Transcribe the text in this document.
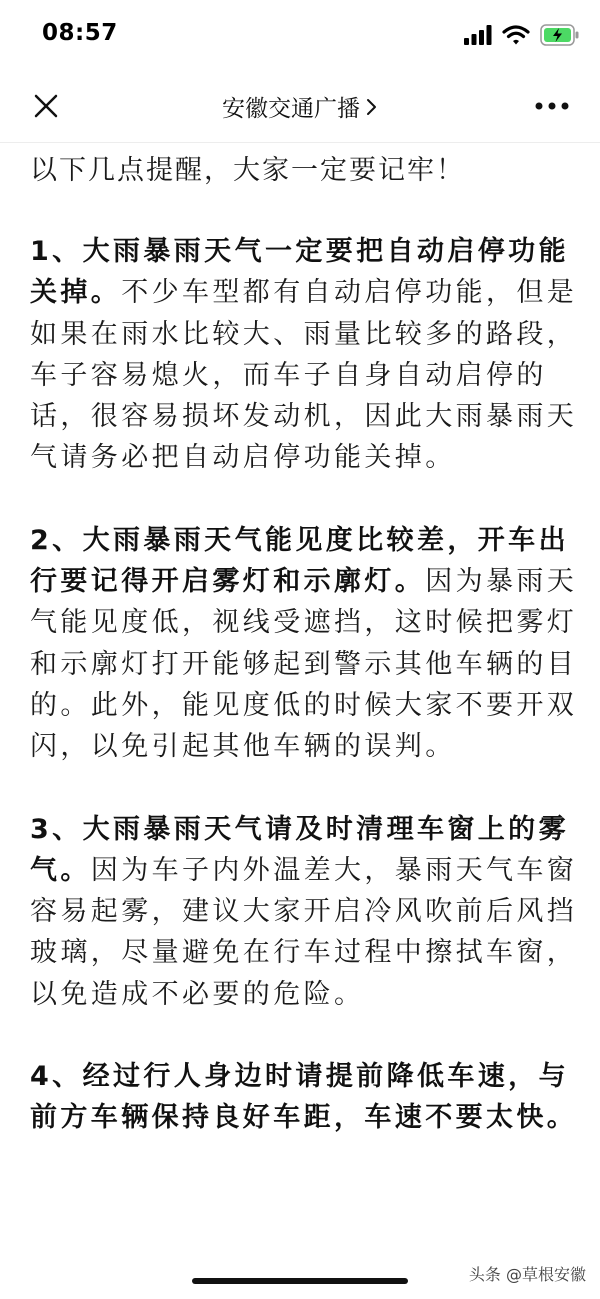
08:57
安徽交通广播

以下几点提醒，大家一定要记牢！

1、大雨暴雨天气一定要把自动启停功能关掉。不少车型都有自动启停功能，但是如果在雨水比较大、雨量比较多的路段，车子容易熄火，而车子自身自动启停的话，很容易损坏发动机，因此大雨暴雨天气请务必把自动启停功能关掉。

2、大雨暴雨天气能见度比较差，开车出行要记得开启雾灯和示廓灯。因为暴雨天气能见度低，视线受遮挡，这时候把雾灯和示廓灯打开能够起到警示其他车辆的目的。此外，能见度低的时候大家不要开双闪，以免引起其他车辆的误判。

3、大雨暴雨天气请及时清理车窗上的雾气。因为车子内外温差大，暴雨天气车窗容易起雾，建议大家开启冷风吹前后风挡玻璃，尽量避免在行车过程中擦拭车窗，以免造成不必要的危险。

4、经过行人身边时请提前降低车速，与前方车辆保持良好车距，车速不要太快。

头条 @草根安徽
